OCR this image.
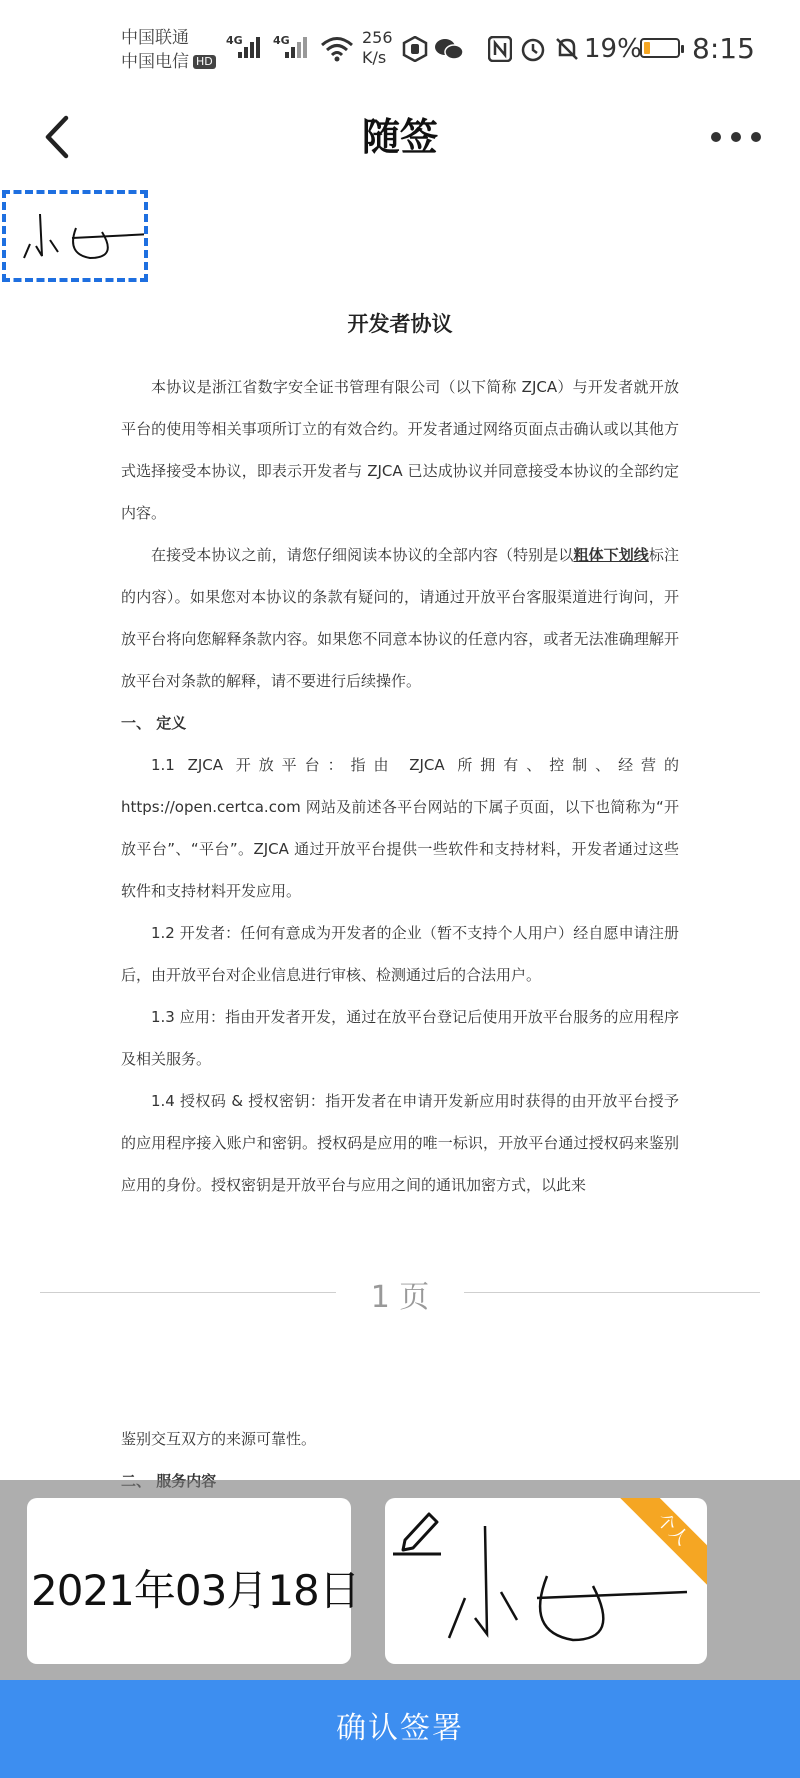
中国联通
中国电信 HD
4G	4G	256
K/s	19% 8:15
随签
开发者协议

本协议是浙江省数字安全证书管理有限公司（以下简称 ZJCA）与开发者就开放平台的使用等相关事项所订立的有效合约。开发者通过网络页面点击确认或以其他方式选择接受本协议，即表示开发者与 ZJCA 已达成协议并同意接受本协议的全部约定内容。

在接受本协议之前，请您仔细阅读本协议的全部内容（特别是以粗体下划线标注的内容）。如果您对本协议的条款有疑问的，请通过开放平台客服渠道进行询问，开放平台将向您解释条款内容。如果您不同意本协议的任意内容，或者无法准确理解开放平台对条款的解释，请不要进行后续操作。

一、 定义

1.1 ZJCA 开放平台：指由 ZJCA 所拥有、控制、经营的 https://open.certca.com 网站及前述各平台网站的下属子页面，以下也简称为“开放平台”、“平台”。ZJCA 通过开放平台提供一些软件和支持材料，开发者通过这些软件和支持材料开发应用。

1.2 开发者：任何有意成为开发者的企业（暂不支持个人用户）经自愿申请注册后，由开放平台对企业信息进行审核、检测通过后的合法用户。

1.3 应用：指由开发者开发，通过在放平台登记后使用开放平台服务的应用程序及相关服务。

1.4 授权码 & 授权密钥：指开发者在申请开发新应用时获得的由开放平台授予的应用程序接入账户和密钥。授权码是应用的唯一标识，开放平台通过授权码来鉴别应用的身份。授权密钥是开放平台与应用之间的通讯加密方式，以此来

1 页

鉴别交互双方的来源可靠性。

2021年03月18日
个人
确认签署
